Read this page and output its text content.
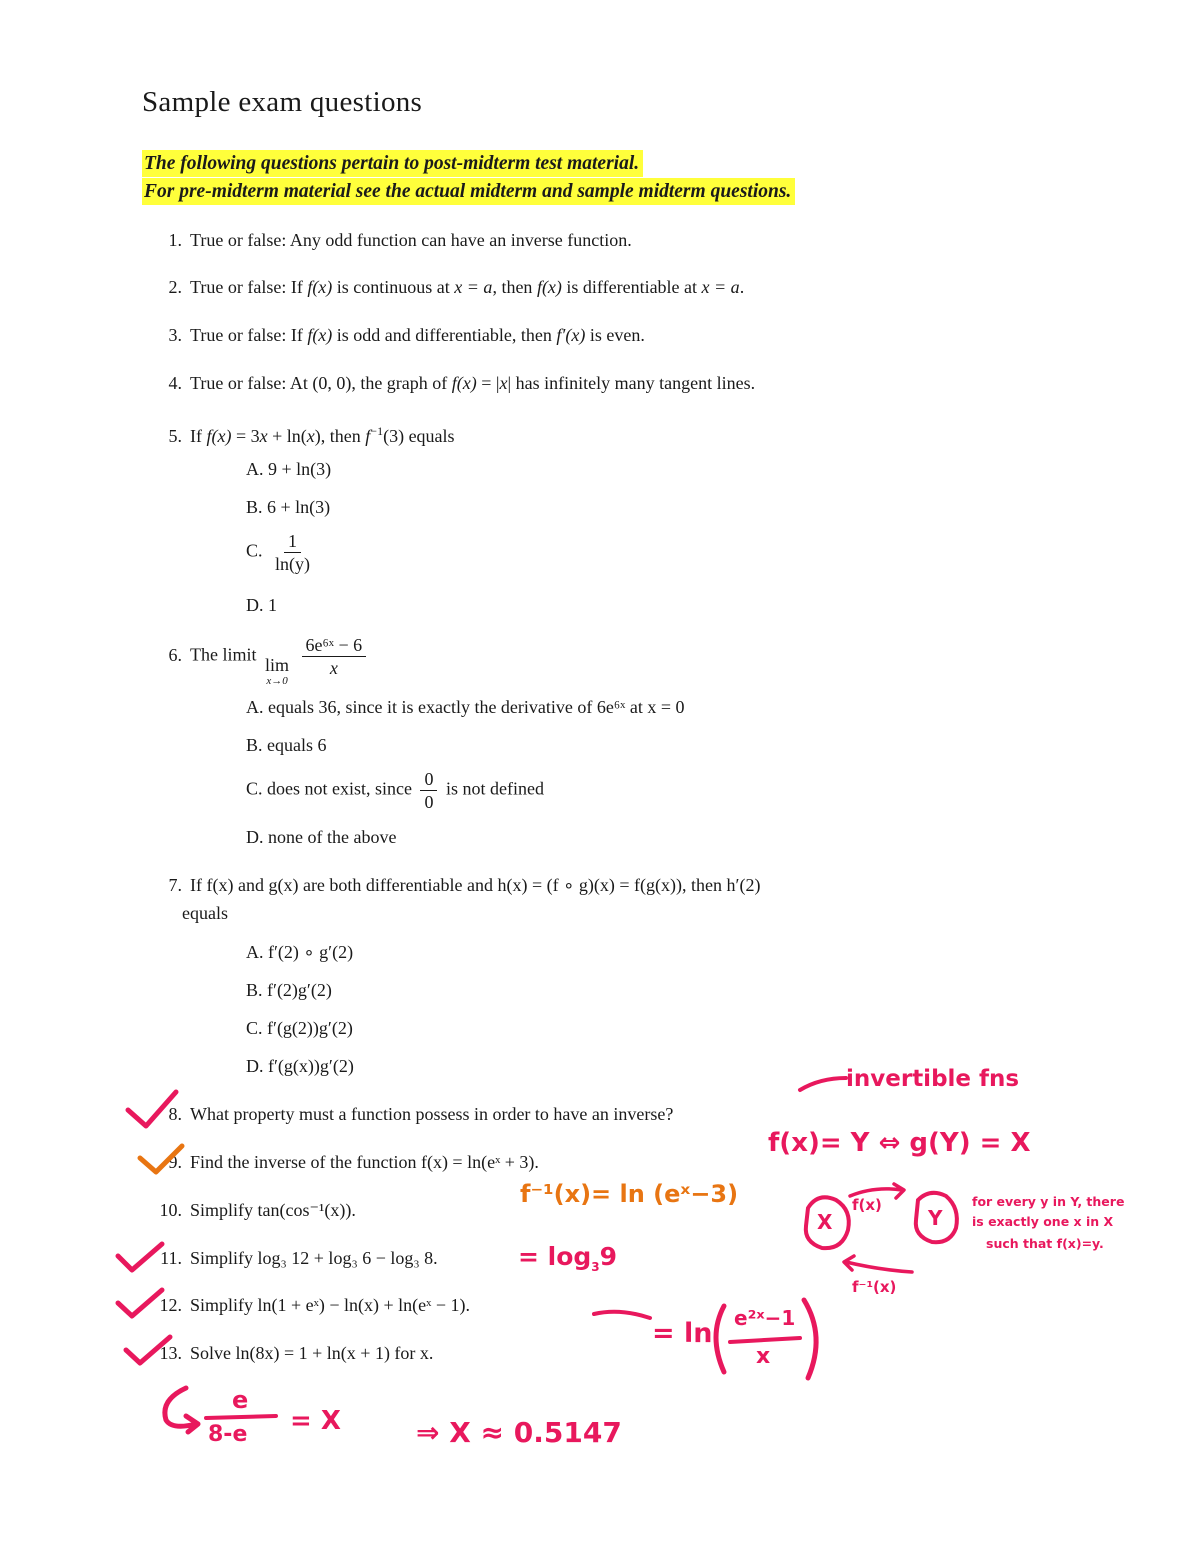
Sample exam questions
The following questions pertain to post-midterm test material.
For pre-midterm material see the actual midterm and sample midterm questions.
1. True or false: Any odd function can have an inverse function.
2. True or false: If f(x) is continuous at x = a, then f(x) is differentiable at x = a.
3. True or false: If f(x) is odd and differentiable, then f′(x) is even.
4. True or false: At (0, 0), the graph of f(x) = |x| has infinitely many tangent lines.
5. If f(x) = 3x + ln(x), then $f^{-1}(3)$ equals
A. 9 + ln(3)
B. 6 + ln(3)
C. $\frac{1}{\ln(y)}$
D. 1
6. The limit lim
x→0

$\frac{\text{6e⁶ˣ − 6}}{x}$
A. equals 36, since it is exactly the derivative of 6e⁶ˣ at x = 0
B. equals 6
C. does not exist, since $\frac{0}{0}$ is not defined
D. none of the above
7. If f(x) and g(x) are both differentiable and h(x) = (f ∘ g)(x) = f(g(x)), then h′(2)
equals
A. f′(2) ∘ g′(2)
B. f′(2)g′(2)
C. f′(g(2))g′(2)
D. f′(g(x))g′(2)
8. What property must a function possess in order to have an inverse?
9. Find the inverse of the function f(x) = ln(eˣ + 3).
10. Simplify tan(cos⁻¹(x)).
11. Simplify log₃ 12 + log₃ 6 − log₃ 8.
12. Simplify ln(1 + eˣ) − ln(x) + ln(eˣ − 1).
13. Solve ln(8x) = 1 + ln(x + 1) for x.
invertible fns
f(x)= Y ⇔ g(Y) = X
f⁻¹(x)= ln (eˣ−3)	f(x)
f⁻¹(x)
X	Y
for every y in Y, there
is exactly one x in X
such that f(x)=y.
= $\log_39$
= ln e²ˣ−1
x
e
8-e = X	⇒ X ≈ 0.5147
